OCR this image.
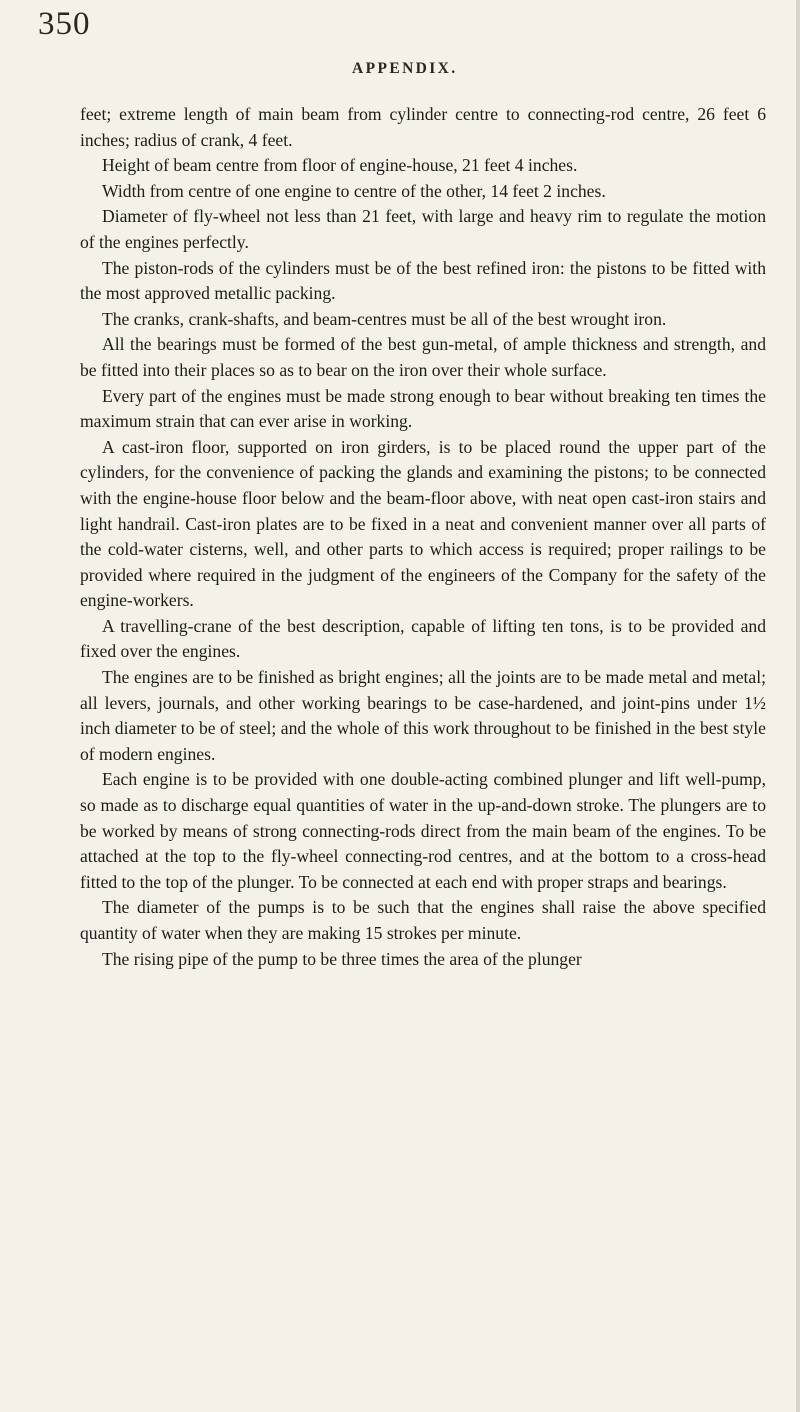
350
APPENDIX.

feet; extreme length of main beam from cylinder centre to connecting-rod centre, 26 feet 6 inches; radius of crank, 4 feet.

Height of beam centre from floor of engine-house, 21 feet 4 inches.

Width from centre of one engine to centre of the other, 14 feet 2 inches.

Diameter of fly-wheel not less than 21 feet, with large and heavy rim to regulate the motion of the engines perfectly.

The piston-rods of the cylinders must be of the best refined iron: the pistons to be fitted with the most approved metallic packing.

The cranks, crank-shafts, and beam-centres must be all of the best wrought iron.

All the bearings must be formed of the best gun-metal, of ample thickness and strength, and be fitted into their places so as to bear on the iron over their whole surface.

Every part of the engines must be made strong enough to bear without breaking ten times the maximum strain that can ever arise in working.

A cast-iron floor, supported on iron girders, is to be placed round the upper part of the cylinders, for the convenience of packing the glands and examining the pistons; to be connected with the engine-house floor below and the beam-floor above, with neat open cast-iron stairs and light handrail. Cast-iron plates are to be fixed in a neat and convenient manner over all parts of the cold-water cisterns, well, and other parts to which access is required; proper railings to be provided where required in the judgment of the engineers of the Company for the safety of the engine-workers.

A travelling-crane of the best description, capable of lifting ten tons, is to be provided and fixed over the engines.

The engines are to be finished as bright engines; all the joints are to be made metal and metal; all levers, journals, and other working bearings to be case-hardened, and joint-pins under 1½ inch diameter to be of steel; and the whole of this work throughout to be finished in the best style of modern engines.

Each engine is to be provided with one double-acting combined plunger and lift well-pump, so made as to discharge equal quantities of water in the up-and-down stroke. The plungers are to be worked by means of strong connecting-rods direct from the main beam of the engines. To be attached at the top to the fly-wheel connecting-rod centres, and at the bottom to a cross-head fitted to the top of the plunger. To be connected at each end with proper straps and bearings.

The diameter of the pumps is to be such that the engines shall raise the above specified quantity of water when they are making 15 strokes per minute.

The rising pipe of the pump to be three times the area of the plunger
